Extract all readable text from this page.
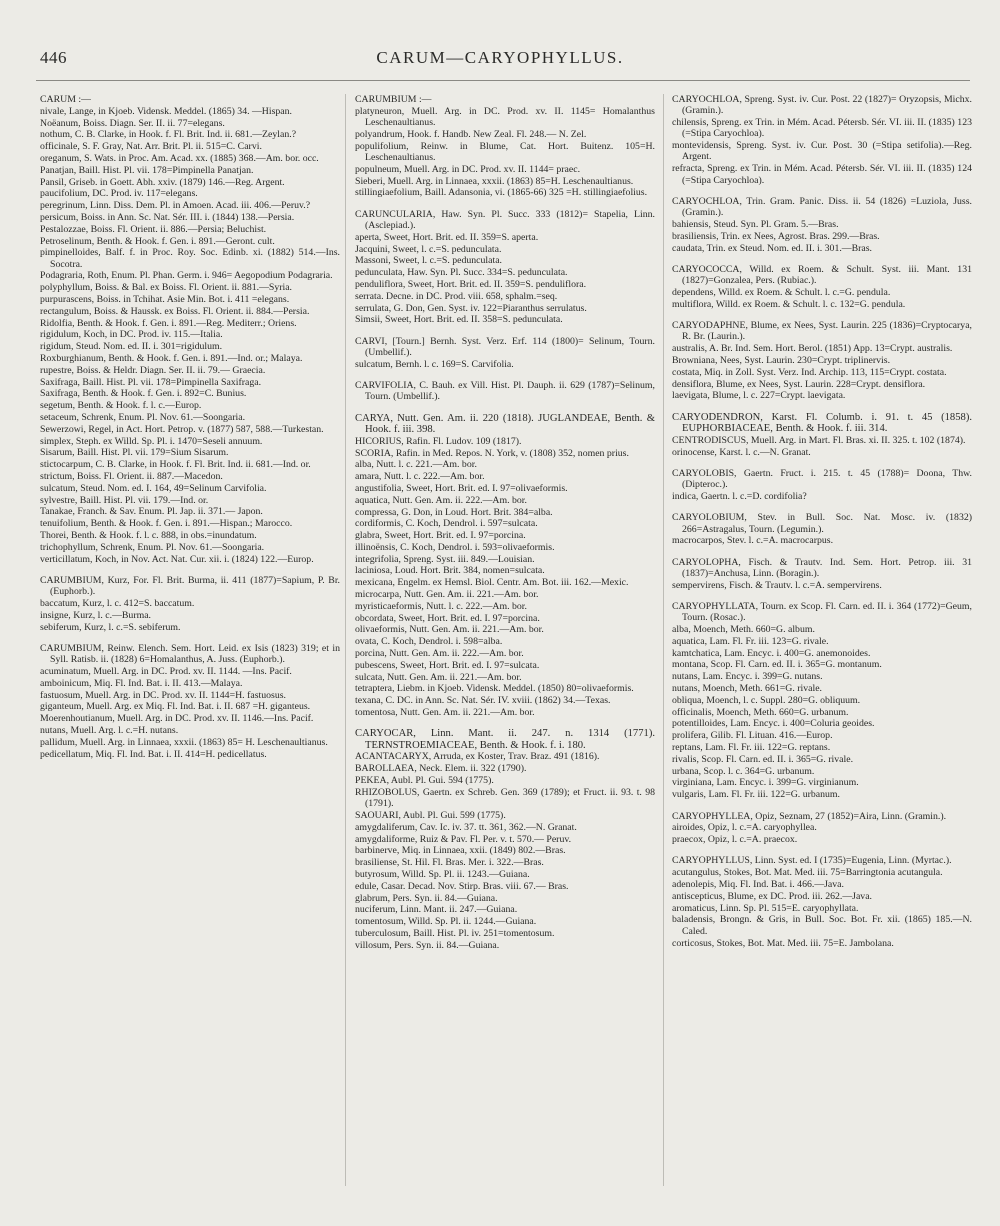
446	CARUM—CARYOPHYLLUS.

CARUM :—

nivale, Lange, in Kjoeb. Vidensk. Meddel. (1865) 34. —Hispan.

Noëanum, Boiss. Diagn. Ser. II. ii. 77=elegans.

nothum, C. B. Clarke, in Hook. f. Fl. Brit. Ind. ii. 681.—Zeylan.?

officinale, S. F. Gray, Nat. Arr. Brit. Pl. ii. 515=C. Carvi.

oreganum, S. Wats. in Proc. Am. Acad. xx. (1885) 368.—Am. bor. occ.

Panatjan, Baill. Hist. Pl. vii. 178=Pimpinella Panatjan.

Pansil, Griseb. in Goett. Abh. xxiv. (1879) 146.—Reg. Argent.

paucifolium, DC. Prod. iv. 117=elegans.

peregrinum, Linn. Diss. Dem. Pl. in Amoen. Acad. iii. 406.—Peruv.?

persicum, Boiss. in Ann. Sc. Nat. Sér. III. i. (1844) 138.—Persia.

Pestalozzae, Boiss. Fl. Orient. ii. 886.—Persia; Beluchist.

Petroselinum, Benth. & Hook. f. Gen. i. 891.—Geront. cult.

pimpinelloides, Balf. f. in Proc. Roy. Soc. Edinb. xi. (1882) 514.—Ins. Socotra.

Podagraria, Roth, Enum. Pl. Phan. Germ. i. 946= Aegopodium Podagraria.

polyphyllum, Boiss. & Bal. ex Boiss. Fl. Orient. ii. 881.—Syria.

purpurascens, Boiss. in Tchihat. Asie Min. Bot. i. 411 =elegans.

rectangulum, Boiss. & Haussk. ex Boiss. Fl. Orient. ii. 884.—Persia.

Ridolfia, Benth. & Hook. f. Gen. i. 891.—Reg. Mediterr.; Oriens.

rigidulum, Koch, in DC. Prod. iv. 115.—Italia.

rigidum, Steud. Nom. ed. II. i. 301=rigidulum.

Roxburghianum, Benth. & Hook. f. Gen. i. 891.—Ind. or.; Malaya.

rupestre, Boiss. & Heldr. Diagn. Ser. II. ii. 79.— Graecia.

Saxifraga, Baill. Hist. Pl. vii. 178=Pimpinella Saxifraga.

Saxifraga, Benth. & Hook. f. Gen. i. 892=C. Bunius.

segetum, Benth. & Hook. f. l. c.—Europ.

setaceum, Schrenk, Enum. Pl. Nov. 61.—Soongaria.

Sewerzowi, Regel, in Act. Hort. Petrop. v. (1877) 587, 588.—Turkestan.

simplex, Steph. ex Willd. Sp. Pl. i. 1470=Seseli annuum.

Sisarum, Baill. Hist. Pl. vii. 179=Sium Sisarum.

stictocarpum, C. B. Clarke, in Hook. f. Fl. Brit. Ind. ii. 681.—Ind. or.

strictum, Boiss. Fl. Orient. ii. 887.—Macedon.

sulcatum, Steud. Nom. ed. I. 164, 49=Selinum Carvifolia.

sylvestre, Baill. Hist. Pl. vii. 179.—Ind. or.

Tanakae, Franch. & Sav. Enum. Pl. Jap. ii. 371.— Japon.

tenuifolium, Benth. & Hook. f. Gen. i. 891.—Hispan.; Marocco.

Thorei, Benth. & Hook. f. l. c. 888, in obs.=inundatum.

trichophyllum, Schrenk, Enum. Pl. Nov. 61.—Soongaria.

verticillatum, Koch, in Nov. Act. Nat. Cur. xii. i. (1824) 122.—Europ.

CARUMBIUM, Kurz, For. Fl. Brit. Burma, ii. 411 (1877)=Sapium, P. Br. (Euphorb.).

baccatum, Kurz, l. c. 412=S. baccatum.

insigne, Kurz, l. c.—Burma.

sebiferum, Kurz, l. c.=S. sebiferum.

CARUMBIUM, Reinw. Elench. Sem. Hort. Leid. ex Isis (1823) 319; et in Syll. Ratisb. ii. (1828) 6=Homalanthus, A. Juss. (Euphorb.).

acuminatum, Muell. Arg. in DC. Prod. xv. II. 1144. —Ins. Pacif.

amboinicum, Miq. Fl. Ind. Bat. i. II. 413.—Malaya.

fastuosum, Muell. Arg. in DC. Prod. xv. II. 1144=H. fastuosus.

giganteum, Muell. Arg. ex Miq. Fl. Ind. Bat. i. II. 687 =H. giganteus.

Moerenhoutianum, Muell. Arg. in DC. Prod. xv. II. 1146.—Ins. Pacif.

nutans, Muell. Arg. l. c.=H. nutans.

pallidum, Muell. Arg. in Linnaea, xxxii. (1863) 85= H. Leschenaultianus.

pedicellatum, Miq. Fl. Ind. Bat. i. II. 414=H. pedicellatus.

CARUMBIUM :—

platyneuron, Muell. Arg. in DC. Prod. xv. II. 1145= Homalanthus Leschenaultianus.

polyandrum, Hook. f. Handb. New Zeal. Fl. 248.— N. Zel.

populifolium, Reinw. in Blume, Cat. Hort. Buitenz. 105=H. Leschenaultianus.

populneum, Muell. Arg. in DC. Prod. xv. II. 1144= praec.

Sieberi, Muell. Arg. in Linnaea, xxxii. (1863) 85=H. Leschenaultianus.

stillingiaefolium, Baill. Adansonia, vi. (1865-66) 325 =H. stillingiaefolius.

CARUNCULARIA, Haw. Syn. Pl. Succ. 333 (1812)= Stapelia, Linn. (Asclepiad.).

aperta, Sweet, Hort. Brit. ed. II. 359=S. aperta.

Jacquini, Sweet, l. c.=S. pedunculata.

Massoni, Sweet, l. c.=S. pedunculata.

pedunculata, Haw. Syn. Pl. Succ. 334=S. pedunculata.

penduliflora, Sweet, Hort. Brit. ed. II. 359=S. penduliflora.

serrata. Decne. in DC. Prod. viii. 658, sphalm.=seq.

serrulata, G. Don, Gen. Syst. iv. 122=Piaranthus serrulatus.

Simsii, Sweet, Hort. Brit. ed. II. 358=S. pedunculata.

CARVI, [Tourn.] Bernh. Syst. Verz. Erf. 114 (1800)= Selinum, Tourn. (Umbellif.).

sulcatum, Bernh. l. c. 169=S. Carvifolia.

CARVIFOLIA, C. Bauh. ex Vill. Hist. Pl. Dauph. ii. 629 (1787)=Selinum, Tourn. (Umbellif.).

CARYA, Nutt. Gen. Am. ii. 220 (1818). JUGLANDEAE, Benth. & Hook. f. iii. 398.

HICORIUS, Rafin. Fl. Ludov. 109 (1817).

SCORIA, Rafin. in Med. Repos. N. York, v. (1808) 352, nomen prius.

alba, Nutt. l. c. 221.—Am. bor.

amara, Nutt. l. c. 222.—Am. bor.

angustifolia, Sweet, Hort. Brit. ed. I. 97=olivaeformis.

aquatica, Nutt. Gen. Am. ii. 222.—Am. bor.

compressa, G. Don, in Loud. Hort. Brit. 384=alba.

cordiformis, C. Koch, Dendrol. i. 597=sulcata.

glabra, Sweet, Hort. Brit. ed. I. 97=porcina.

illinoënsis, C. Koch, Dendrol. i. 593=olivaeformis.

integrifolia, Spreng. Syst. iii. 849.—Louisian.

laciniosa, Loud. Hort. Brit. 384, nomen=sulcata.

mexicana, Engelm. ex Hemsl. Biol. Centr. Am. Bot. iii. 162.—Mexic.

microcarpa, Nutt. Gen. Am. ii. 221.—Am. bor.

myristicaeformis, Nutt. l. c. 222.—Am. bor.

obcordata, Sweet, Hort. Brit. ed. I. 97=porcina.

olivaeformis, Nutt. Gen. Am. ii. 221.—Am. bor.

ovata, C. Koch, Dendrol. i. 598=alba.

porcina, Nutt. Gen. Am. ii. 222.—Am. bor.

pubescens, Sweet, Hort. Brit. ed. I. 97=sulcata.

sulcata, Nutt. Gen. Am. ii. 221.—Am. bor.

tetraptera, Liebm. in Kjoeb. Vidensk. Meddel. (1850) 80=olivaeformis.

texana, C. DC. in Ann. Sc. Nat. Sér. IV. xviii. (1862) 34.—Texas.

tomentosa, Nutt. Gen. Am. ii. 221.—Am. bor.

CARYOCAR, Linn. Mant. ii. 247. n. 1314 (1771). TERNSTROEMIACEAE, Benth. & Hook. f. i. 180.

ACANTACARYX, Arruda, ex Koster, Trav. Braz. 491 (1816).

BAROLLAEA, Neck. Elem. ii. 322 (1790).

PEKEA, Aubl. Pl. Gui. 594 (1775).

RHIZOBOLUS, Gaertn. ex Schreb. Gen. 369 (1789); et Fruct. ii. 93. t. 98 (1791).

SAOUARI, Aubl. Pl. Gui. 599 (1775).

amygdaliferum, Cav. Ic. iv. 37. tt. 361, 362.—N. Granat.

amygdaliforme, Ruiz & Pav. Fl. Per. v. t. 570.— Peruv.

barbinerve, Miq. in Linnaea, xxii. (1849) 802.—Bras.

brasiliense, St. Hil. Fl. Bras. Mer. i. 322.—Bras.

butyrosum, Willd. Sp. Pl. ii. 1243.—Guiana.

edule, Casar. Decad. Nov. Stirp. Bras. viii. 67.— Bras.

glabrum, Pers. Syn. ii. 84.—Guiana.

nuciferum, Linn. Mant. ii. 247.—Guiana.

tomentosum, Willd. Sp. Pl. ii. 1244.—Guiana.

tuberculosum, Baill. Hist. Pl. iv. 251=tomentosum.

villosum, Pers. Syn. ii. 84.—Guiana.

CARYOCHLOA, Spreng. Syst. iv. Cur. Post. 22 (1827)= Oryzopsis, Michx. (Gramin.).

chilensis, Spreng. ex Trin. in Mém. Acad. Pétersb. Sér. VI. iii. II. (1835) 123 (=Stipa Caryochloa).

montevidensis, Spreng. Syst. iv. Cur. Post. 30 (=Stipa setifolia).—Reg. Argent.

refracta, Spreng. ex Trin. in Mém. Acad. Pétersb. Sér. VI. iii. II. (1835) 124 (=Stipa Caryochloa).

CARYOCHLOA, Trin. Gram. Panic. Diss. ii. 54 (1826) =Luziola, Juss. (Gramin.).

bahiensis, Steud. Syn. Pl. Gram. 5.—Bras.

brasiliensis, Trin. ex Nees, Agrost. Bras. 299.—Bras.

caudata, Trin. ex Steud. Nom. ed. II. i. 301.—Bras.

CARYOCOCCA, Willd. ex Roem. & Schult. Syst. iii. Mant. 131 (1827)=Gonzalea, Pers. (Rubiac.).

dependens, Willd. ex Roem. & Schult. l. c.=G. pendula.

multiflora, Willd. ex Roem. & Schult. l. c. 132=G. pendula.

CARYODAPHNE, Blume, ex Nees, Syst. Laurin. 225 (1836)=Cryptocarya, R. Br. (Laurin.).

australis, A. Br. Ind. Sem. Hort. Berol. (1851) App. 13=Crypt. australis.

Browniana, Nees, Syst. Laurin. 230=Crypt. triplinervis.

costata, Miq. in Zoll. Syst. Verz. Ind. Archip. 113, 115=Crypt. costata.

densiflora, Blume, ex Nees, Syst. Laurin. 228=Crypt. densiflora.

laevigata, Blume, l. c. 227=Crypt. laevigata.

CARYODENDRON, Karst. Fl. Columb. i. 91. t. 45 (1858). EUPHORBIACEAE, Benth. & Hook. f. iii. 314.

CENTRODISCUS, Muell. Arg. in Mart. Fl. Bras. xi. II. 325. t. 102 (1874).

orinocense, Karst. l. c.—N. Granat.

CARYOLOBIS, Gaertn. Fruct. i. 215. t. 45 (1788)= Doona, Thw. (Dipteroc.).

indica, Gaertn. l. c.=D. cordifolia?

CARYOLOBIUM, Stev. in Bull. Soc. Nat. Mosc. iv. (1832) 266=Astragalus, Tourn. (Legumin.).

macrocarpos, Stev. l. c.=A. macrocarpus.

CARYOLOPHA, Fisch. & Trautv. Ind. Sem. Hort. Petrop. iii. 31 (1837)=Anchusa, Linn. (Boragin.).

sempervirens, Fisch. & Trautv. l. c.=A. sempervirens.

CARYOPHYLLATA, Tourn. ex Scop. Fl. Carn. ed. II. i. 364 (1772)=Geum, Tourn. (Rosac.).

alba, Moench, Meth. 660=G. album.

aquatica, Lam. Fl. Fr. iii. 123=G. rivale.

kamtchatica, Lam. Encyc. i. 400=G. anemonoides.

montana, Scop. Fl. Carn. ed. II. i. 365=G. montanum.

nutans, Lam. Encyc. i. 399=G. nutans.

nutans, Moench, Meth. 661=G. rivale.

obliqua, Moench, l. c. Suppl. 280=G. obliquum.

officinalis, Moench, Meth. 660=G. urbanum.

potentilloides, Lam. Encyc. i. 400=Coluria geoides.

prolifera, Gilib. Fl. Lituan. 416.—Europ.

reptans, Lam. Fl. Fr. iii. 122=G. reptans.

rivalis, Scop. Fl. Carn. ed. II. i. 365=G. rivale.

urbana, Scop. l. c. 364=G. urbanum.

virginiana, Lam. Encyc. i. 399=G. virginianum.

vulgaris, Lam. Fl. Fr. iii. 122=G. urbanum.

CARYOPHYLLEA, Opiz, Seznam, 27 (1852)=Aira, Linn. (Gramin.).

airoides, Opiz, l. c.=A. caryophyllea.

praecox, Opiz, l. c.=A. praecox.

CARYOPHYLLUS, Linn. Syst. ed. I (1735)=Eugenia, Linn. (Myrtac.).

acutangulus, Stokes, Bot. Mat. Med. iii. 75=Barringtonia acutangula.

adenolepis, Miq. Fl. Ind. Bat. i. 466.—Java.

antiscepticus, Blume, ex DC. Prod. iii. 262.—Java.

aromaticus, Linn. Sp. Pl. 515=E. caryophyllata.

baladensis, Brongn. & Gris, in Bull. Soc. Bot. Fr. xii. (1865) 185.—N. Caled.

corticosus, Stokes, Bot. Mat. Med. iii. 75=E. Jambolana.
